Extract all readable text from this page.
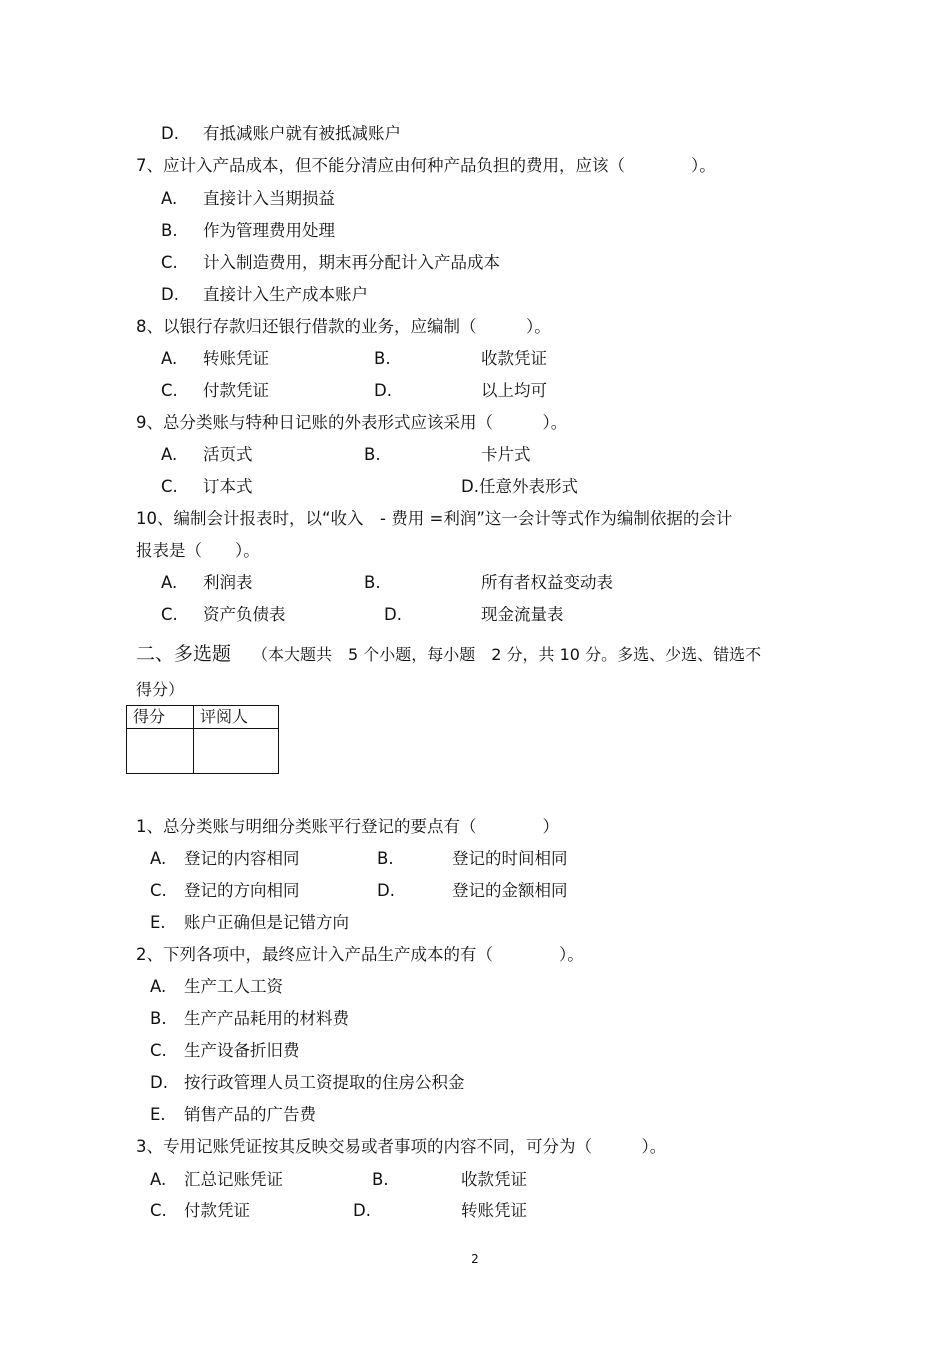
D. 有抵减账户就有被抵减账户
7、应计入产品成本，但不能分清应由何种产品负担的费用，应该（　　　　）。
A. 直接计入当期损益
B. 作为管理费用处理
C. 计入制造费用，期末再分配计入产品成本
D. 直接计入生产成本账户
8、以银行存款归还银行借款的业务，应编制（　　　）。
A. 转账凭证	B.	收款凭证
C. 付款凭证	D.	以上均可
9、总分类账与特种日记账的外表形式应该采用（　　　）。
A. 活页式	B.	卡片式
C. 订本式	D.任意外表形式
10、编制会计报表时，以“收入　- 费用 =利润”这一会计等式作为编制依据的会计
报表是（　　）。
A. 利润表	B.	所有者权益变动表
C. 资产负债表	D.	现金流量表
二、多选题 （本大题共　5 个小题，每小题　2 分，共 10 分。多选、少选、错选不
得分）
得分	评阅人

1、总分类账与明细分类账平行登记的要点有（　　　　）
A. 登记的内容相同	B.	登记的时间相同
C. 登记的方向相同	D.	登记的金额相同
E. 账户正确但是记错方向
2、下列各项中，最终应计入产品生产成本的有（　　　　）。
A. 生产工人工资
B. 生产产品耗用的材料费
C. 生产设备折旧费
D. 按行政管理人员工资提取的住房公积金
E. 销售产品的广告费
3、专用记账凭证按其反映交易或者事项的内容不同，可分为（　　　）。
A. 汇总记账凭证	B.	收款凭证
C. 付款凭证	D.	转账凭证
2
